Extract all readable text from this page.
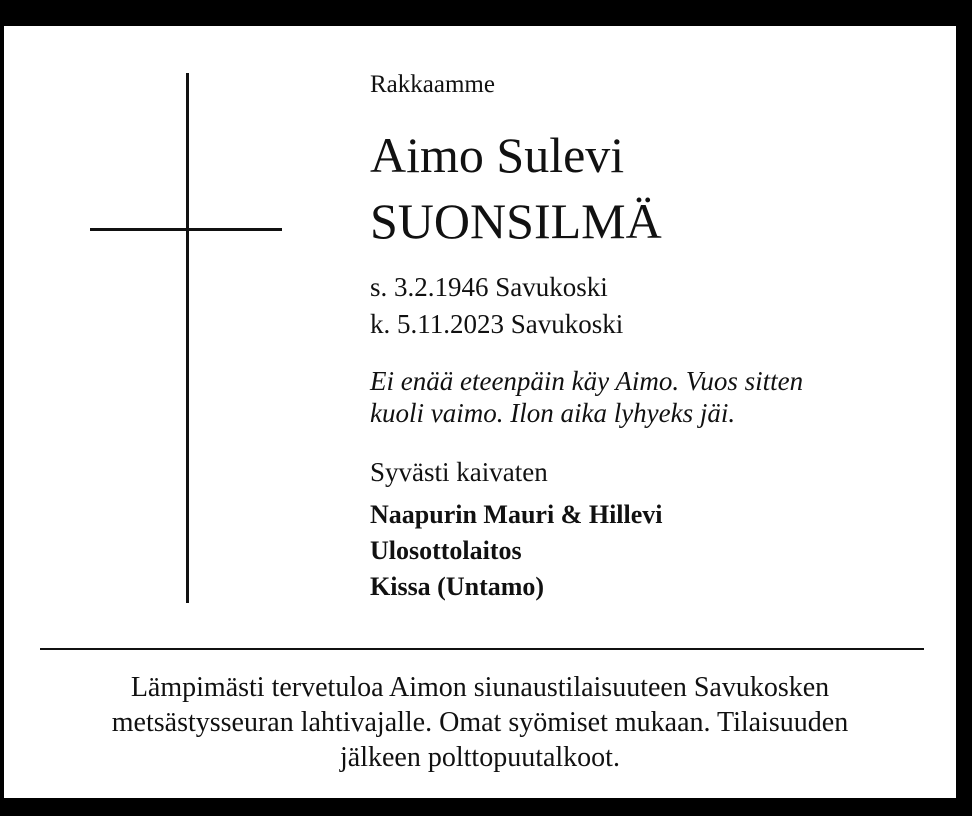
Rakkaamme
Aimo Sulevi
SUONSILMÄ
s. 3.2.1946 Savukoski
k. 5.11.2023 Savukoski
Ei enää eteenpäin käy Aimo. Vuos sitten
kuoli vaimo. Ilon aika lyhyeks jäi.
Syvästi kaivaten
Naapurin Mauri & Hillevi
Ulosottolaitos
Kissa (Untamo)
Lämpimästi tervetuloa Aimon siunaustilaisuuteen Savukosken
metsästysseuran lahtivajalle. Omat syömiset mukaan. Tilaisuuden
jälkeen polttopuutalkoot.
